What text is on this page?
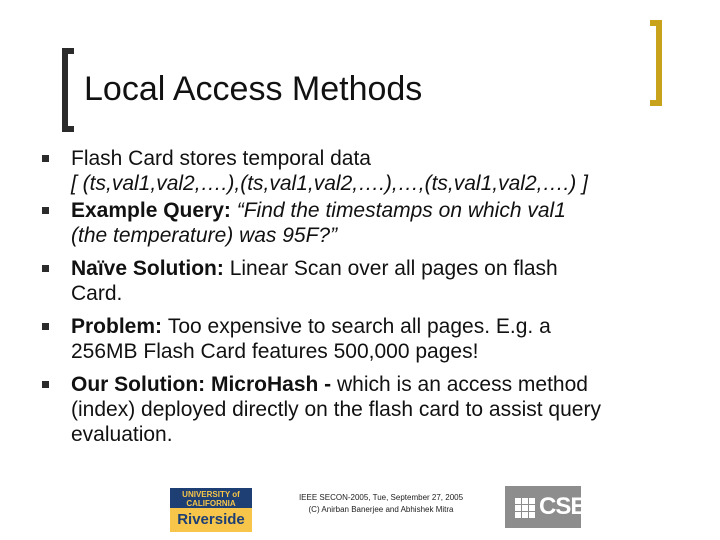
Local Access Methods
Flash Card stores temporal data
[ (ts,val1,val2,….),(ts,val1,val2,….),…,(ts,val1,val2,….) ]
Example Query: “Find the timestamps on which val1
(the temperature) was 95F?”
Naïve Solution: Linear Scan over all pages on flash
Card.
Problem: Too expensive to search all pages. E.g. a
256MB Flash Card features 500,000 pages!
Our Solution: MicroHash - which is an access method
(index) deployed directly on the flash card to assist query
evaluation.
UNIVERSITY of CALIFORNIA
Riverside
IEEE SECON-2005, Tue, September 27, 2005
(C) Anirban Banerjee and Abhishek Mitra	CSE
